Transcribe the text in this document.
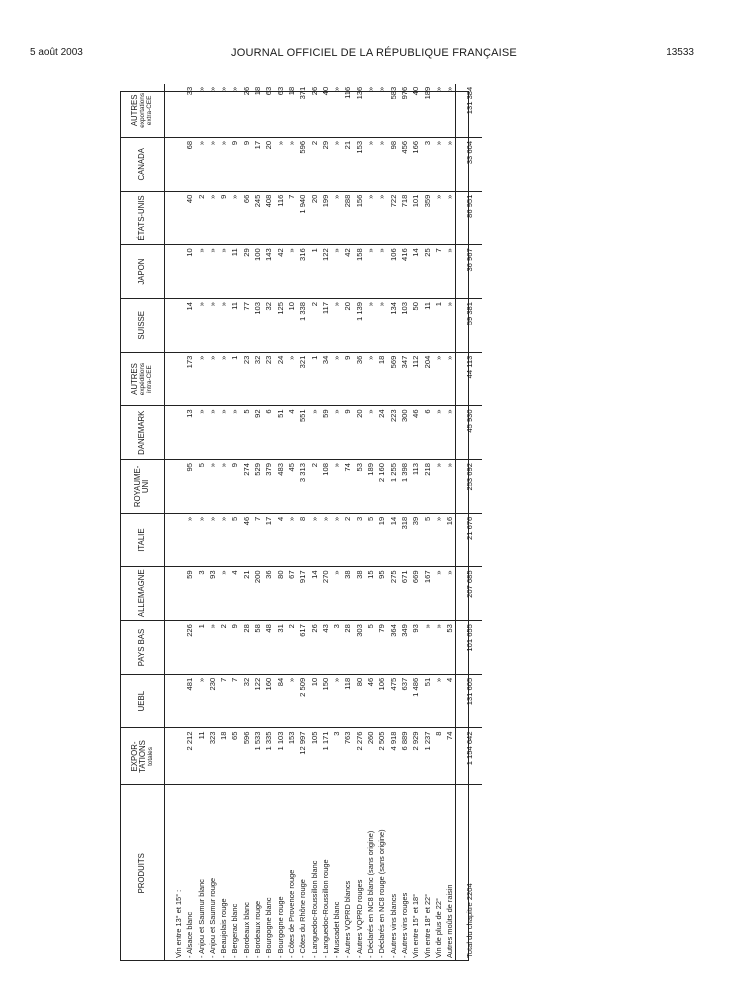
5 août 2003	JOURNAL OFFICIEL DE LA RÉPUBLIQUE FRANÇAISE	13533
PRODUITS	EXPOR- TATIONS totales	UEBL	PAYS BAS	ALLEMAGNE	ITALIE	ROYAUME- UNI	DANEMARK	AUTRES expéditions intra-CEE	SUISSE	JAPON	ÉTATS-UNIS	CANADA	AUTRES exportations extra-CEE

Vin entre 13° et 15° :													
- Alsace blanc	2 212	481	226	59	»	95	13	173	14	10	40	68	33
- Anjou et Saumur blanc	11	»	1	3	»	5	»	»	»	»	2	»	»
- Anjou et Saumur rouge	323	230	»	93	»	»	»	»	»	»	»	»	»
- Beaujolais rouge	18	7	2	»	»	»	»	»	»	»	9	»	»
- Bergerac blanc	65	7	9	4	5	9	»	1	11	11	»	9	»
- Bordeaux blanc	596	32	28	21	46	274	5	23	77	29	66	9	26
- Bordeaux rouge	1 533	122	58	200	7	529	92	32	103	100	245	17	18
- Bourgogne blanc	1 335	160	48	36	17	379	6	23	32	143	408	20	63
- Bourgogne rouge	1 103	84	31	80	4	483	51	24	125	42	116	»	63
- Côtes de Provence rouge	153	»	2	67	»	45	4	»	10	»	7	»	18
- Côtes du Rhône rouge	12 997	2 509	617	917	8	3 313	551	321	1 338	316	1 940	596	371
- Languedoc-Roussillon blanc	105	10	26	14	»	2	»	1	2	1	20	2	26
- Languedoc-Roussillon rouge	1 171	150	43	270	»	108	59	34	117	122	199	29	40
- Muscadet blanc	3	»	3	»	»	»	»	»	»	»	»	»	»
- Autres VQPRD blancs	763	118	28	38	2	74	9	9	20	42	288	21	116
- Autres VQPRD rouges	2 276	80	303	38	3	53	20	36	1 139	158	156	153	136
- Déclarés en NC8 blanc (sans origine)	260	46	5	15	5	189	»	»	»	»	»	»	»
- Déclarés en NC8 rouge (sans origine)	2 505	106	79	95	19	2 160	24	18	»	»	»	»	»
- Autres vins blancs	4 918	475	364	275	14	1 255	223	569	134	106	722	98	583
- Autres vins rouges	6 889	637	349	671	318	1 398	300	347	103	416	718	456	976
Vin entre 15° et 18°	2 929	1 486	93	669	39	113	46	112	50	14	101	166	40
Vin entre 18° et 22°	1 237	51	»	167	5	218	6	204	11	25	359	3	189
Vin de plus de 22°	8	»	»	»	»	»	»	»	1	7	»	»	»
Autres moûts de raisin	74	4	53	»	16	»	»	»	»	»	»	»	»

Total du chapitre 2204	1 154 642	131 605	101 655	207 685	21 676	253 692	45 930	44 113	59 381	36 967	86 951	33 604	131 384
